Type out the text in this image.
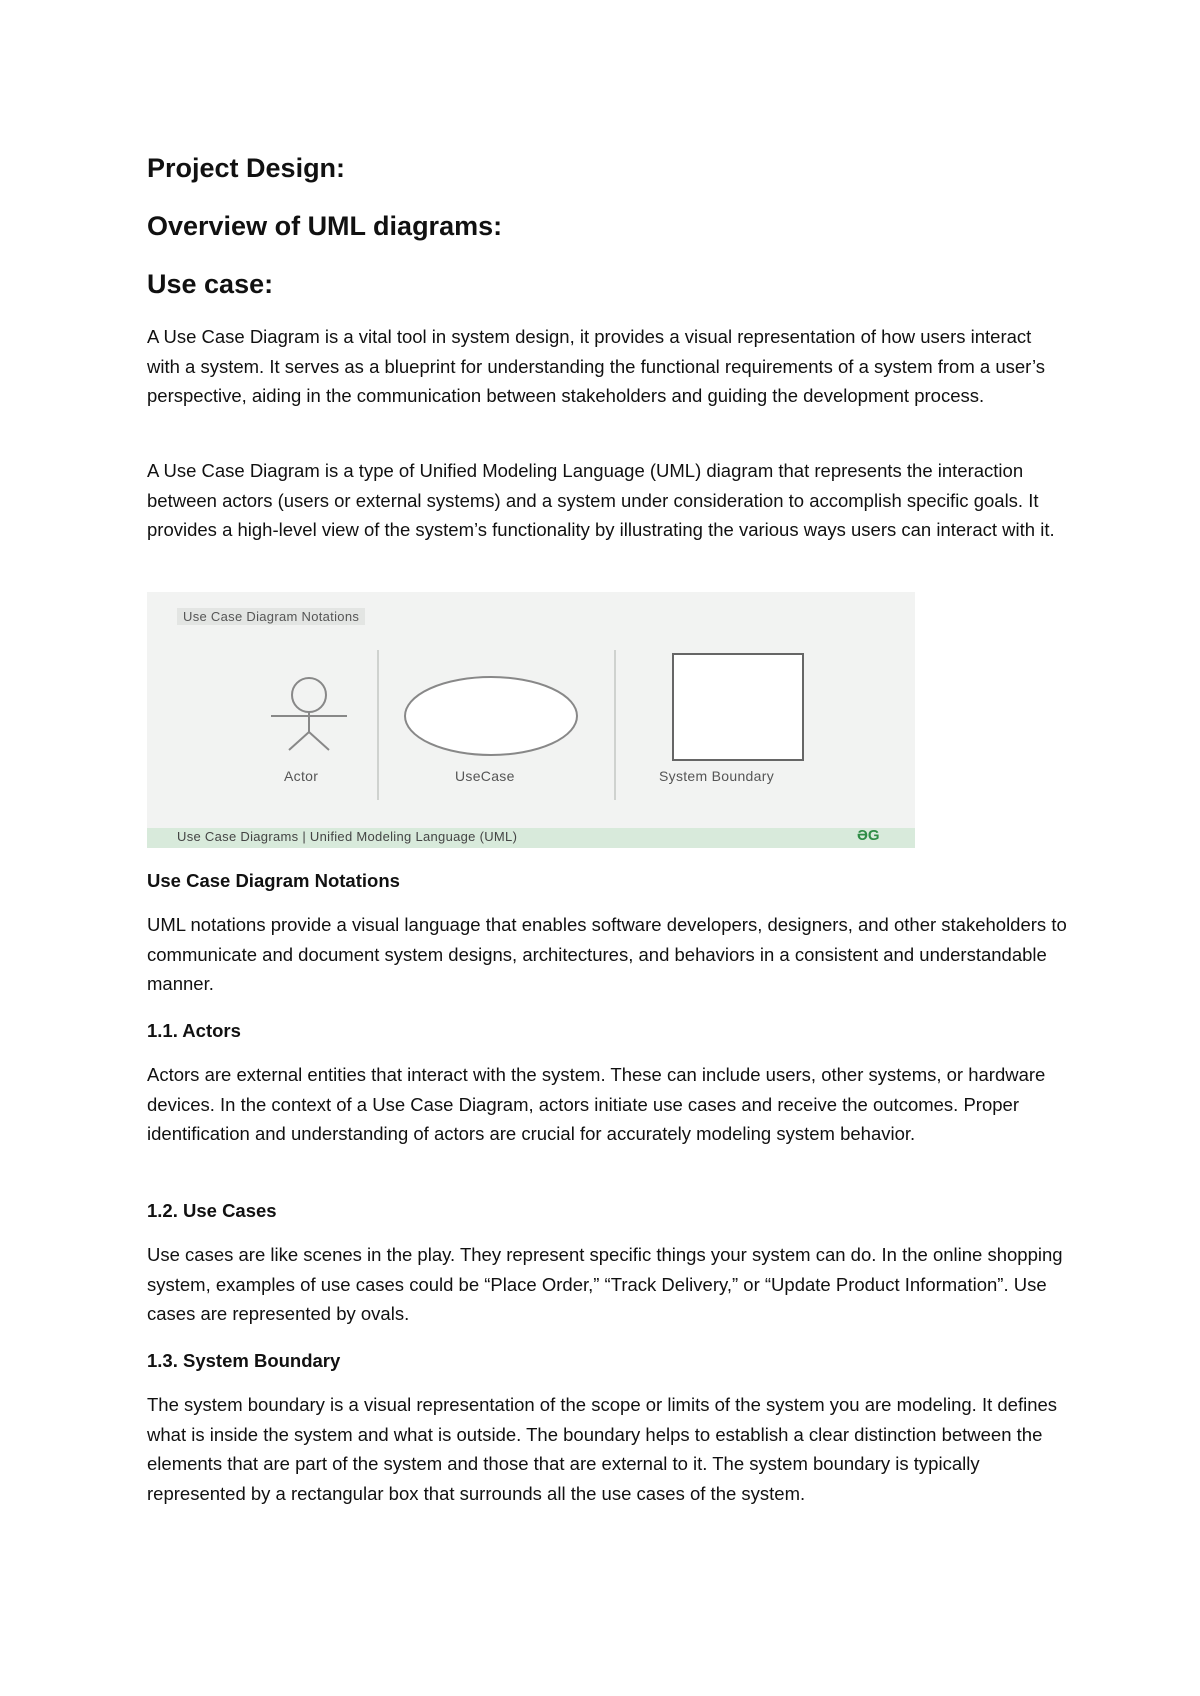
Project Design:
Overview of UML diagrams:
Use case:

A Use Case Diagram is a vital tool in system design, it provides a visual representation of how users interact with a system. It serves as a blueprint for understanding the functional requirements of a system from a user’s perspective, aiding in the communication between stakeholders and guiding the development process.

A Use Case Diagram is a type of Unified Modeling Language (UML) diagram that represents the interaction between actors (users or external systems) and a system under consideration to accomplish specific goals. It provides a high-level view of the system’s functionality by illustrating the various ways users can interact with it.

Use Case Diagram Notations

UML notations provide a visual language that enables software developers, designers, and other stakeholders to communicate and document system designs, architectures, and behaviors in a consistent and understandable manner.

1.1. Actors

Actors are external entities that interact with the system. These can include users, other systems, or hardware devices. In the context of a Use Case Diagram, actors initiate use cases and receive the outcomes. Proper identification and understanding of actors are crucial for accurately modeling system behavior.

1.2. Use Cases

Use cases are like scenes in the play. They represent specific things your system can do. In the online shopping system, examples of use cases could be “Place Order,” “Track Delivery,” or “Update Product Information”. Use cases are represented by ovals.

1.3. System Boundary

The system boundary is a visual representation of the scope or limits of the system you are modeling. It defines what is inside the system and what is outside. The boundary helps to establish a clear distinction between the elements that are part of the system and those that are external to it. The system boundary is typically represented by a rectangular box that surrounds all the use cases of the system.

Use Case Diagram Notations
Actor	UseCase	System Boundary
Use Case Diagrams | Unified Modeling Language (UML)	ƏG
